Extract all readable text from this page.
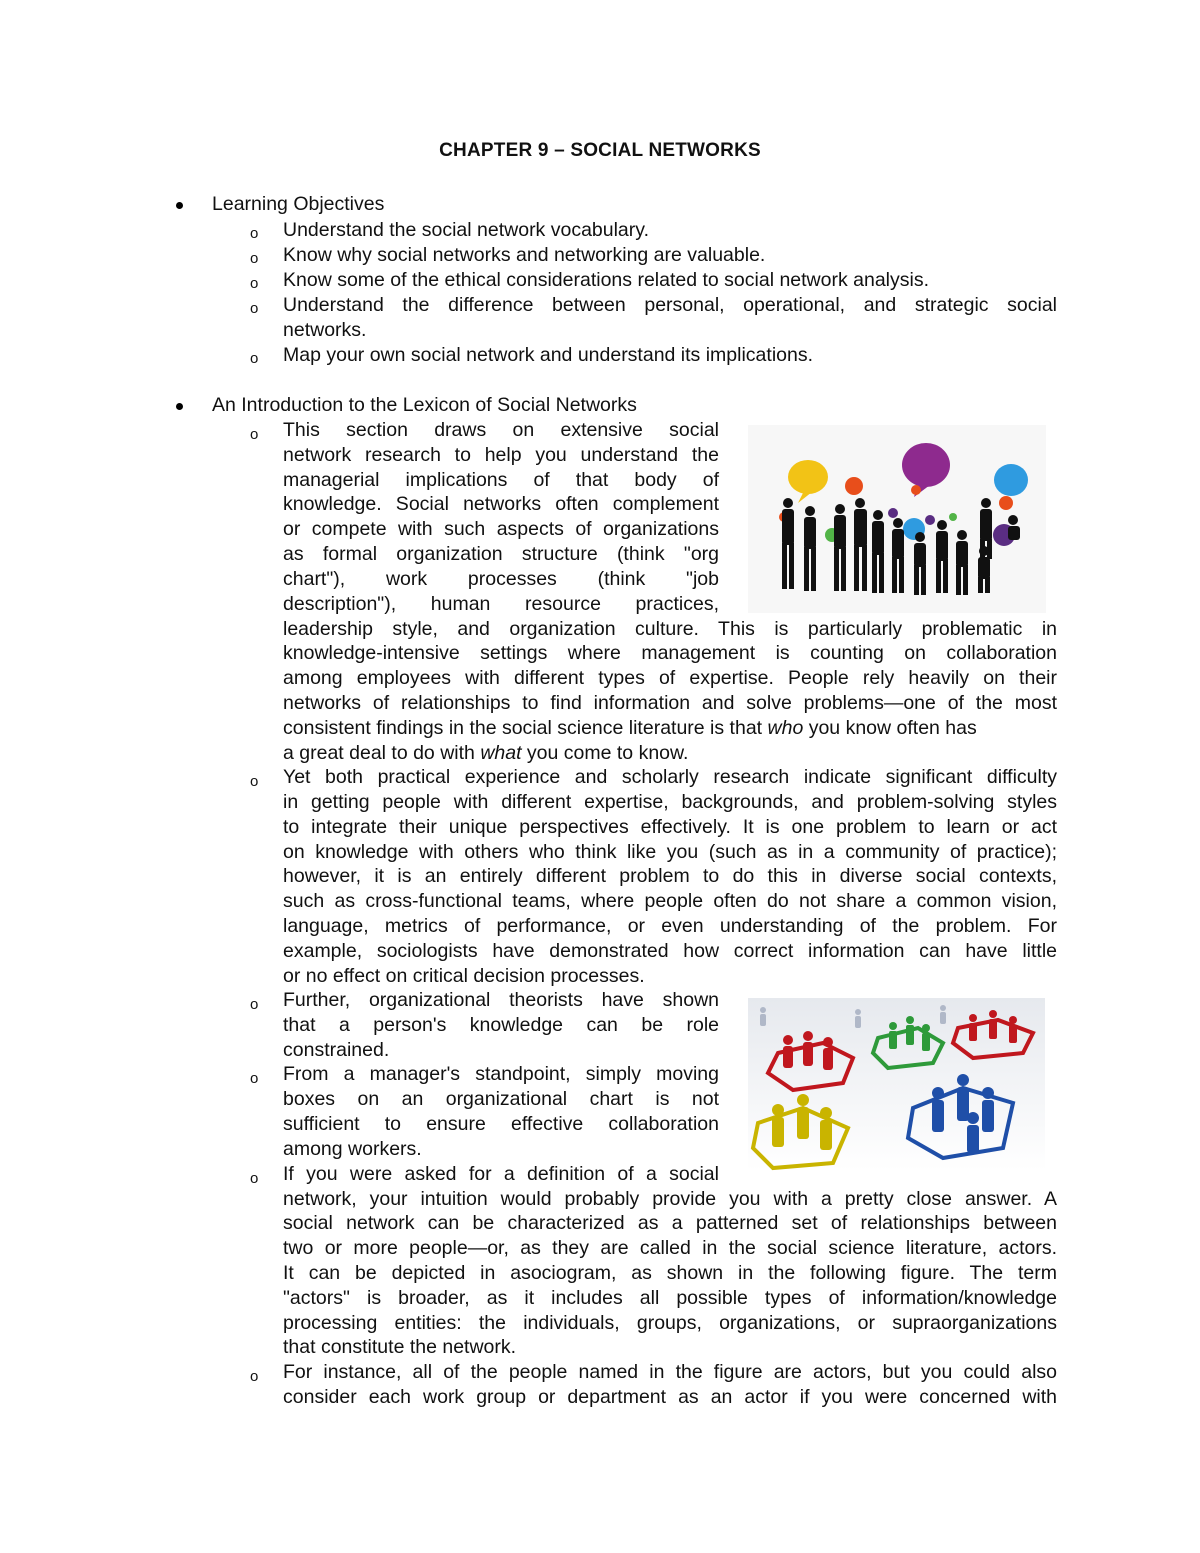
CHAPTER 9 – SOCIAL NETWORKS
Learning Objectives
o Understand the social network vocabulary.
o Know why social networks and networking are valuable.
o Know some of the ethical considerations related to social network analysis.
o Understand the difference between personal, operational, and strategic social
networks.
o Map your own social network and understand its implications.
An Introduction to the Lexicon of Social Networks
o This section draws on extensive social
network research to help you understand the
managerial implications of that body of
knowledge. Social networks often complement
or compete with such aspects of organizations
as formal organization structure (think "org
chart"), work processes (think "job
description"), human resource practices,
leadership style, and organization culture. This is particularly problematic in
knowledge-intensive settings where management is counting on collaboration
among employees with different types of expertise. People rely heavily on their
networks of relationships to find information and solve problems—one of the most
consistent findings in the social science literature is that who you know often has
a great deal to do with what you come to know.
o Yet both practical experience and scholarly research indicate significant difficulty
in getting people with different expertise, backgrounds, and problem-solving styles
to integrate their unique perspectives effectively. It is one problem to learn or act
on knowledge with others who think like you (such as in a community of practice);
however, it is an entirely different problem to do this in diverse social contexts,
such as cross-functional teams, where people often do not share a common vision,
language, metrics of performance, or even understanding of the problem. For
example, sociologists have demonstrated how correct information can have little
or no effect on critical decision processes.
o Further, organizational theorists have shown
that a person's knowledge can be role
constrained.
o From a manager's standpoint, simply moving
boxes on an organizational chart is not
sufficient to ensure effective collaboration
among workers.
o If you were asked for a definition of a social
network, your intuition would probably provide you with a pretty close answer. A
social network can be characterized as a patterned set of relationships between
two or more people—or, as they are called in the social science literature, actors.
It can be depicted in asociogram, as shown in the following figure. The term
"actors" is broader, as it includes all possible types of information/knowledge
processing entities: the individuals, groups, organizations, or supraorganizations
that constitute the network.
o For instance, all of the people named in the figure are actors, but you could also
consider each work group or department as an actor if you were concerned with
